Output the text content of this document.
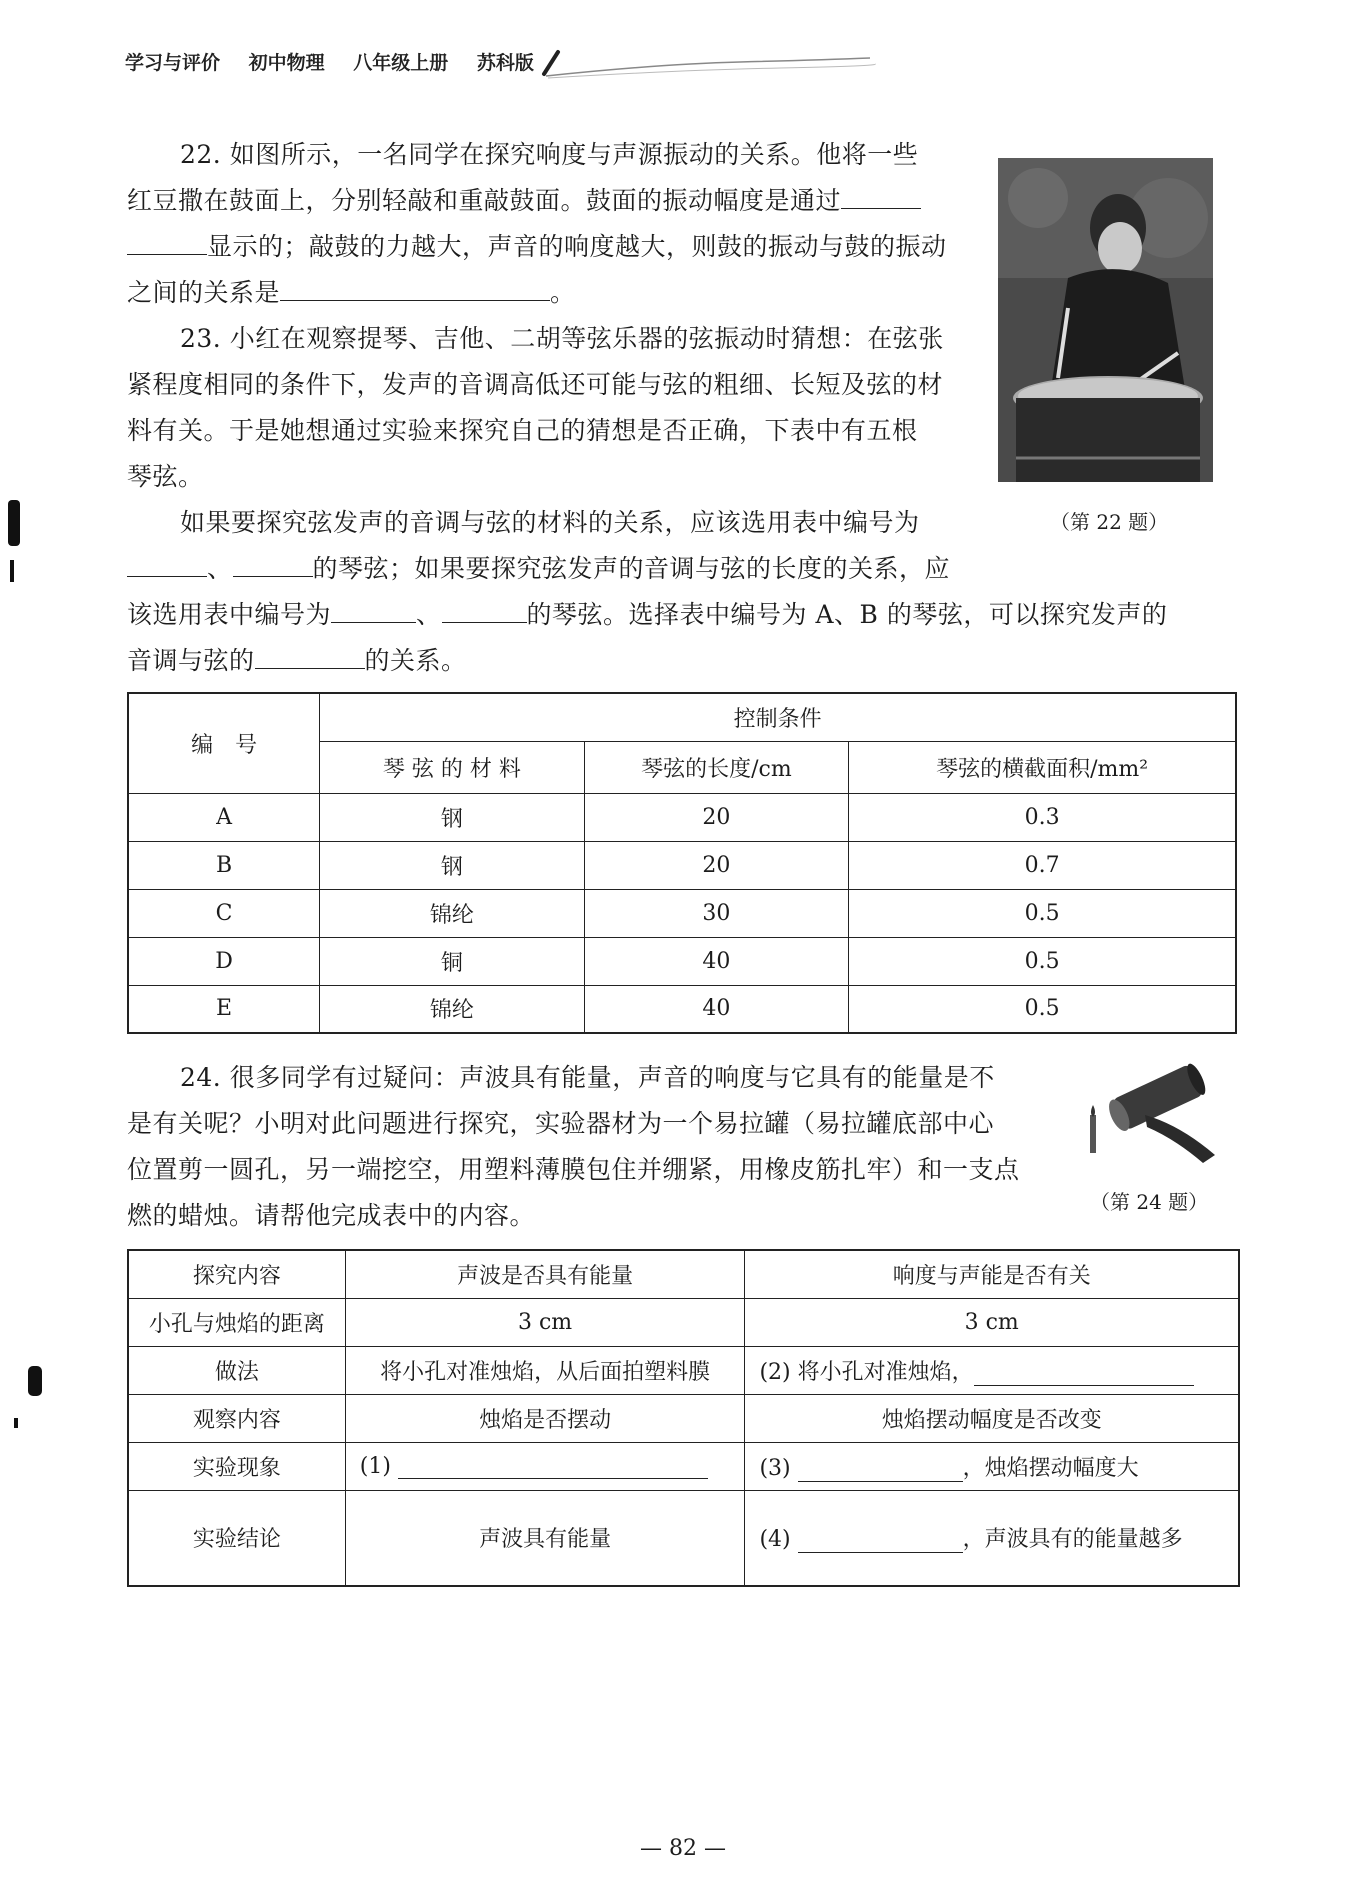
学习与评价 初中物理 八年级上册 苏科版
22. 如图所示，一名同学在探究响度与声源振动的关系。他将一些
红豆撒在鼓面上，分别轻敲和重敲鼓面。鼓面的振动幅度是通过
显示的；敲鼓的力越大，声音的响度越大，则鼓的振动与鼓的振动
之间的关系是	。
（第 22 题）
23. 小红在观察提琴、吉他、二胡等弦乐器的弦振动时猜想：在弦张
紧程度相同的条件下，发声的音调高低还可能与弦的粗细、长短及弦的材
料有关。于是她想通过实验来探究自己的猜想是否正确，下表中有五根
琴弦。
如果要探究弦发声的音调与弦的材料的关系，应该选用表中编号为
、	的琴弦；如果要探究弦发声的音调与弦的长度的关系，应
该选用表中编号为	、	的琴弦。选择表中编号为 A、B 的琴弦，可以探究发声的
音调与弦的	的关系。
编　号	控制条件		
	琴 弦 的 材 料	琴弦的长度/cm	琴弦的横截面积/mm²
A	钢	20	0.3
B	钢	20	0.7
C	锦纶	30	0.5
D	铜	40	0.5
E	锦纶	40	0.5
24. 很多同学有过疑问：声波具有能量，声音的响度与它具有的能量是不
是有关呢？小明对此问题进行探究，实验器材为一个易拉罐（易拉罐底部中心
位置剪一圆孔，另一端挖空，用塑料薄膜包住并绷紧，用橡皮筋扎牢）和一支点
燃的蜡烛。请帮他完成表中的内容。	（第 24 题）
探究内容	声波是否具有能量	响度与声能是否有关
小孔与烛焰的距离	3 cm	3 cm
做法	将小孔对准烛焰，从后面拍塑料膜	(2) 将小孔对准烛焰，
观察内容	烛焰是否摆动	烛焰摆动幅度是否改变
实验现象	(1)	(3) ，烛焰摆动幅度大
实验结论	声波具有能量	(4) ，声波具有的能量越多
— 82 —
